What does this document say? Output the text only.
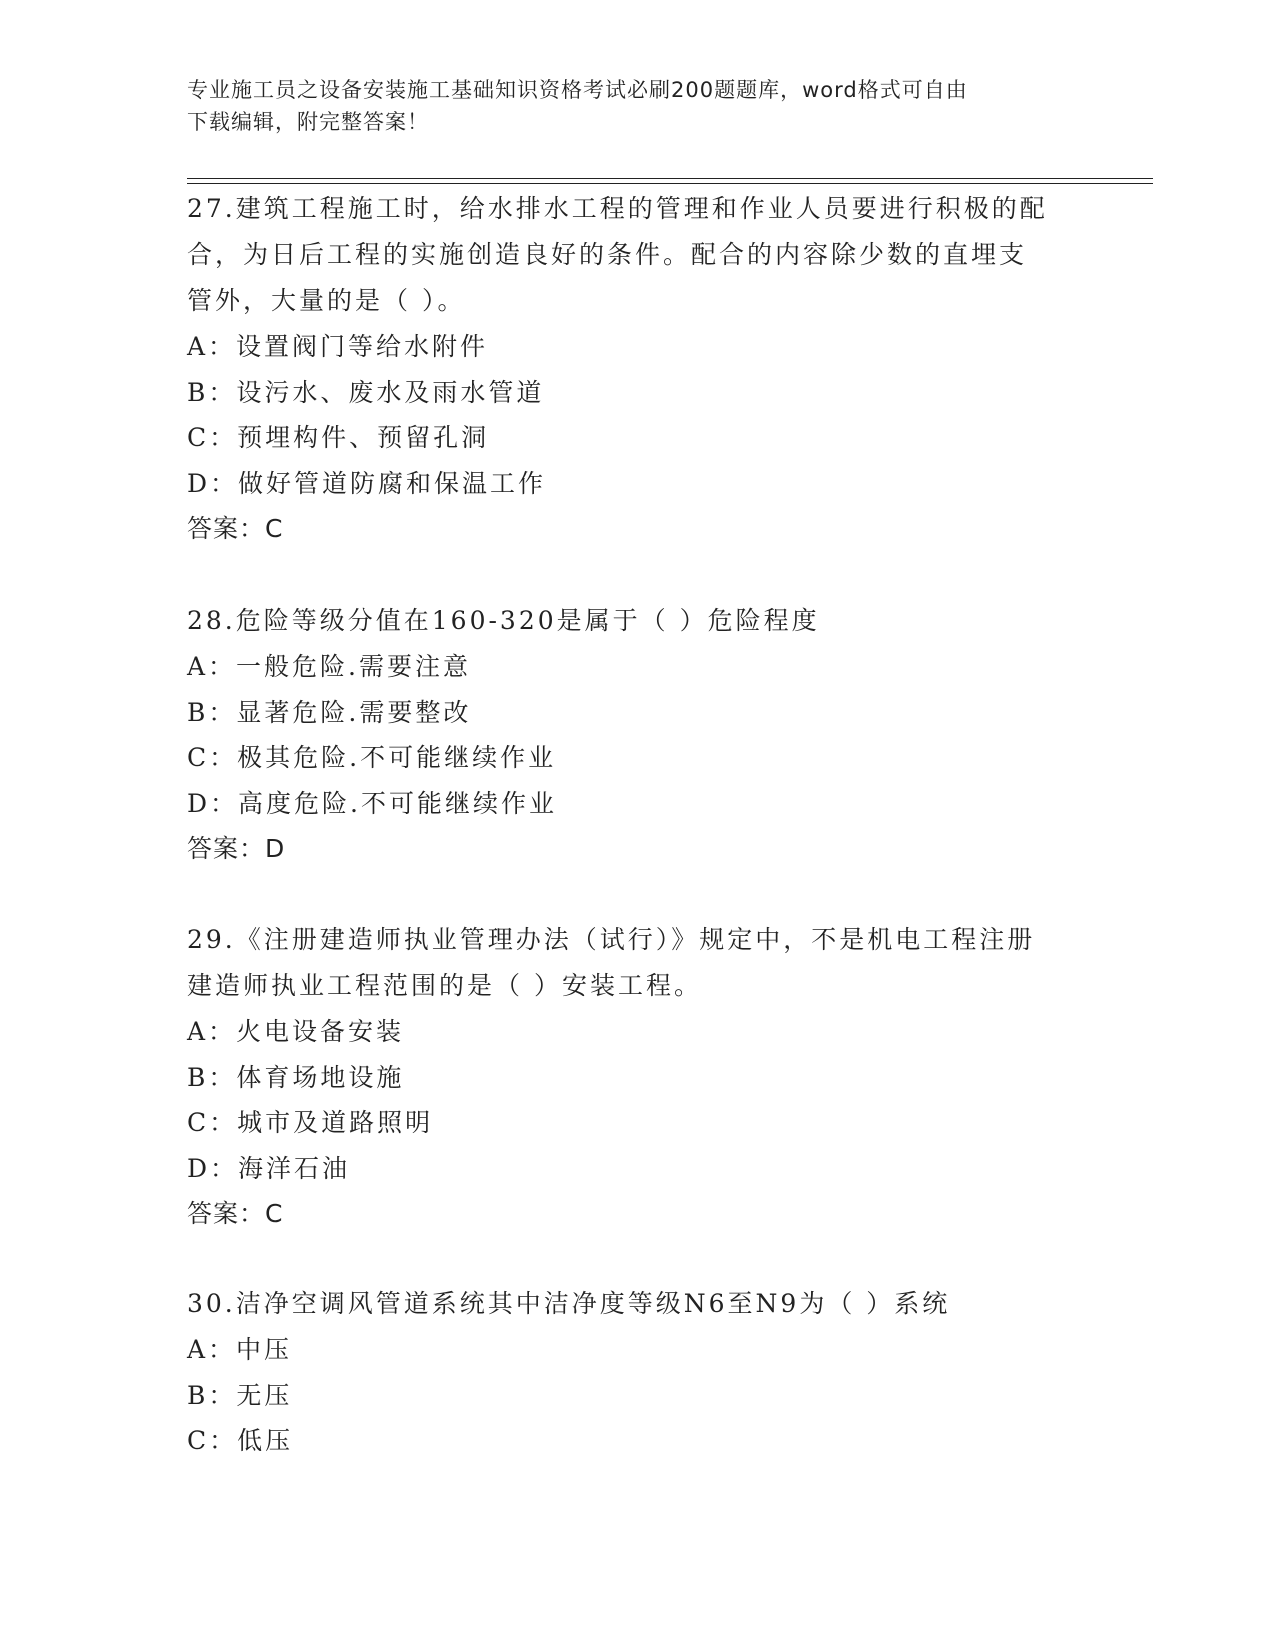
专业施工员之设备安装施工基础知识资格考试必刷200题题库，word格式可自由
下载编辑，附完整答案！

27.建筑工程施工时，给水排水工程的管理和作业人员要进行积极的配

合，为日后工程的实施创造良好的条件。配合的内容除少数的直埋支

管外，大量的是（ ）。

A：设置阀门等给水附件

B：设污水、废水及雨水管道

C：预埋构件、预留孔洞

D：做好管道防腐和保温工作

答案：C

28.危险等级分值在160-320是属于（ ）危险程度

A：一般危险.需要注意

B：显著危险.需要整改

C：极其危险.不可能继续作业

D：高度危险.不可能继续作业

答案：D

29.《注册建造师执业管理办法（试行）》规定中，不是机电工程注册

建造师执业工程范围的是（ ）安装工程。

A：火电设备安装

B：体育场地设施

C：城市及道路照明

D：海洋石油

答案：C

30.洁净空调风管道系统其中洁净度等级N6至N9为（ ）系统

A：中压

B：无压

C：低压
